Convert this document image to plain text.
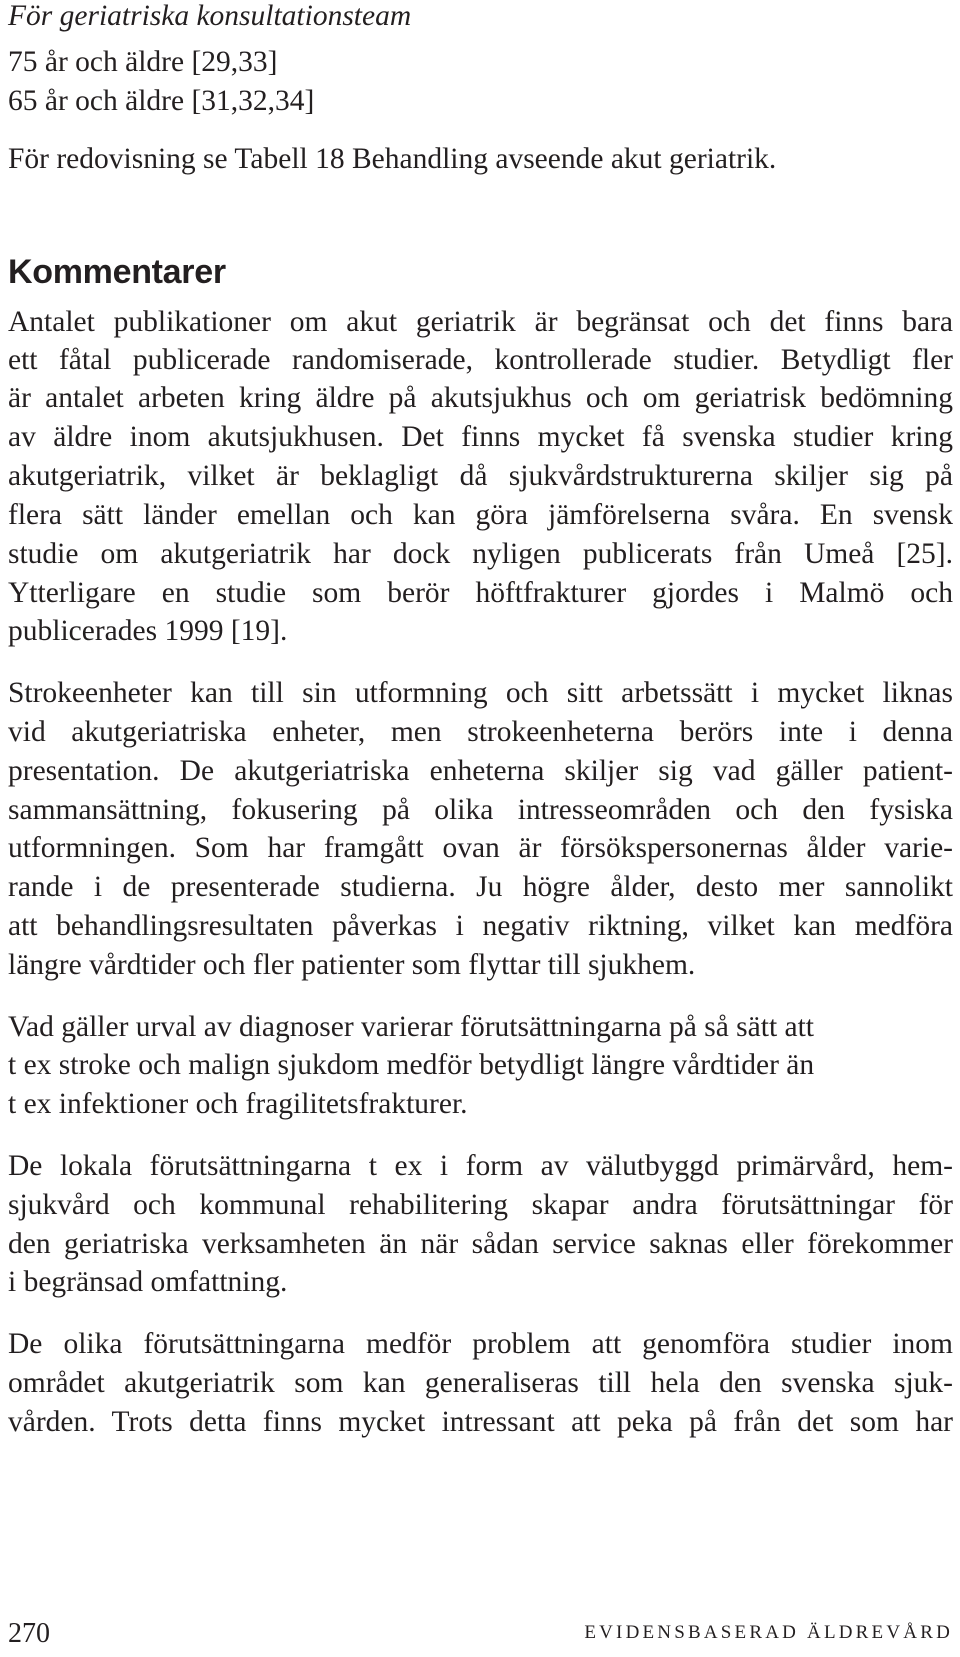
För geriatriska konsultationsteam
75 år och äldre [29,33]
65 år och äldre [31,32,34]
För redovisning se Tabell 18 Behandling avseende akut geriatrik.
Kommentarer
Antalet publikationer om akut geriatrik är begränsat och det finns bara
ett fåtal publicerade randomiserade, kontrollerade studier. Betydligt fler
är antalet arbeten kring äldre på akutsjukhus och om geriatrisk bedömning
av äldre inom akutsjukhusen. Det finns mycket få svenska studier kring
akutgeriatrik, vilket är beklagligt då sjukvårdstrukturerna skiljer sig på
flera sätt länder emellan och kan göra jämförelserna svåra. En svensk
studie om akutgeriatrik har dock nyligen publicerats från Umeå [25].
Ytterligare en studie som berör höftfrakturer gjordes i Malmö och
publicerades 1999 [19].
Strokeenheter kan till sin utformning och sitt arbetssätt i mycket liknas
vid akutgeriatriska enheter, men strokeenheterna berörs inte i denna
presentation. De akutgeriatriska enheterna skiljer sig vad gäller patient-
sammansättning, fokusering på olika intresseområden och den fysiska
utformningen. Som har framgått ovan är försökspersonernas ålder varie-
rande i de presenterade studierna. Ju högre ålder, desto mer sannolikt
att behandlingsresultaten påverkas i negativ riktning, vilket kan medföra
längre vårdtider och fler patienter som flyttar till sjukhem.
Vad gäller urval av diagnoser varierar förutsättningarna på så sätt att
t ex stroke och malign sjukdom medför betydligt längre vårdtider än
t ex infektioner och fragilitetsfrakturer.
De lokala förutsättningarna t ex i form av välutbyggd primärvård, hem-
sjukvård och kommunal rehabilitering skapar andra förutsättningar för
den geriatriska verksamheten än när sådan service saknas eller förekommer
i begränsad omfattning.
De olika förutsättningarna medför problem att genomföra studier inom
området akutgeriatrik som kan generaliseras till hela den svenska sjuk-
vården. Trots detta finns mycket intressant att peka på från det som har
270	EVIDENSBASERAD ÄLDREVÅRD
